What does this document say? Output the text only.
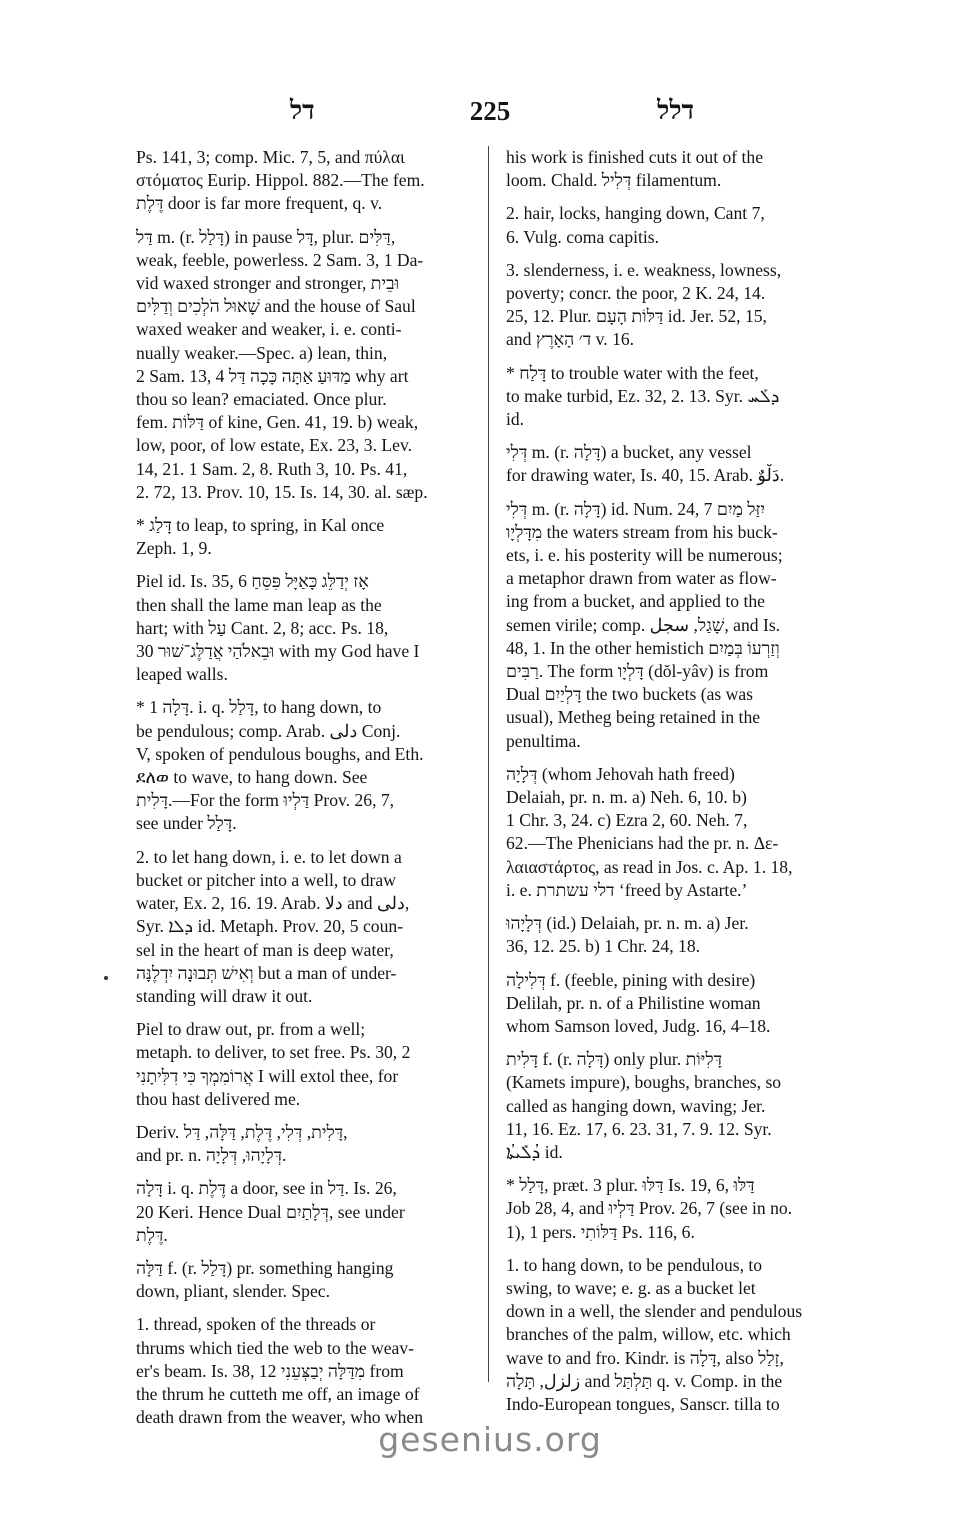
דל	225	דלל
Ps. 141, 3; comp. Mic. 7, 5, and πύλαι
στόματος Eurip. Hippol. 882.—The fem.
דֶּלֶת door is far more frequent, q. v.
דַּל m. (r. דָּלַל) in pause דָּל, plur. דַּלִּים,
weak, feeble, powerless. 2 Sam. 3, 1 Da-
vid waxed stronger and stronger, וּבֵית
שָׁאוּל הֹלְכִים וְדַלִּים and the house of Saul
waxed weaker and weaker, i. e. conti-
nually weaker.—Spec. a) lean, thin,
2 Sam. 13, 4 מַדּוּעַ אַתָּה כָּכָה דַּל why art
thou so lean? emaciated. Once plur.
fem. דַּלּוֹת of kine, Gen. 41, 19. b) weak,
low, poor, of low estate, Ex. 23, 3. Lev.
14, 21. 1 Sam. 2, 8. Ruth 3, 10. Ps. 41,
2. 72, 13. Prov. 10, 15. Is. 14, 30. al. sæp.
* דָּלַג to leap, to spring, in Kal once
Zeph. 1, 9.
Piel id. Is. 35, 6 אָז יְדַלֵּג כָּאַיָּל פִּסֵּחַ
then shall the lame man leap as the
hart; with עַל Cant. 2, 8; acc. Ps. 18,
30 וּבֵאלֹהַי אֲדַלֶּג־שׁוּר with my God have I
leaped walls.
* דָּלָה 1. i. q. דָּלַל, to hang down, to
be pendulous; comp. Arab. دلى Conj.
V, spoken of pendulous boughs, and Eth.
ደለወ to wave, to hang down. See
דָּלִית.—For the form דַּלְיוּ Prov. 26, 7,
see under דָּלַל.
2. to let hang down, i. e. to let down a
bucket or pitcher into a well, to draw
water, Ex. 2, 16. 19. Arab. دلا and دلى,
Syr. ܕܠܐ id. Metaph. Prov. 20, 5 coun-
sel in the heart of man is deep water,
וְאִישׁ תְּבוּנָה יִדְלֶנָּה but a man of under-
standing will draw it out.
Piel to draw out, pr. from a well;
metaph. to deliver, to set free. Ps. 30, 2
אֲרוֹמִמְךָ כִּי דִלִּיתָנִי I will extol thee, for
thou hast delivered me.
Deriv. דָּלִית, דְּלִי, דֶּלֶת, דַּלָּה, דַּל,
and pr. n. דְּלָיָהוּ, דְּלָיָה.
דָּלָה i. q. דֶּלֶת a door, see in דַּל. Is. 26,
20 Keri. Hence Dual דְּלָתַיִם, see under
דֶּלֶת.
דַּלָּה f. (r. דָּלַל) pr. something hanging
down, pliant, slender. Spec.
1. thread, spoken of the threads or
thrums which tied the web to the weav-
er's beam. Is. 38, 12 מִדַּלָּה יְבַצְּעֵנִי from
the thrum he cutteth me off, an image of
death drawn from the weaver, who when
his work is finished cuts it out of the
loom. Chald. דְּלִיל filamentum.
2. hair, locks, hanging down, Cant 7,
6. Vulg. coma capitis.
3. slenderness, i. e. weakness, lowness,
poverty; concr. the poor, 2 K. 24, 14.
25, 12. Plur. דַּלּוֹת הָעָם id. Jer. 52, 15,
and ד׳ הָאָרֶץ v. 16.
* דָּלַח to trouble water with the feet,
to make turbid, Ez. 32, 2. 13. Syr. ܕܠܰܚ
id.
דְּלִי m. (r. דָּלָה) a bucket, any vessel
for drawing water, Is. 40, 15. Arab. دَلْوٌ.
דְּלִי m. (r. דָּלָה) id. Num. 24, 7 יִזַּל מַיִם
מִדָּלְיָו the waters stream from his buck-
ets, i. e. his posterity will be numerous;
a metaphor drawn from water as flow-
ing from a bucket, and applied to the
semen virile; comp. שָׁגַל, سجل, and Is.
48, 1. In the other hemistich וְזַרְעוֹ בְּמַיִם
רַבִּים. The form דָּלְיָו (dŏl-yâv) is from
Dual דָּלְיַיִם the two buckets (as was
usual), Metheg being retained in the
penultima.
דְּלָיָה (whom Jehovah hath freed)
Delaiah, pr. n. m. a) Neh. 6, 10. b)
1 Chr. 3, 24. c) Ezra 2, 60. Neh. 7,
62.—The Phenicians had the pr. n. Δε-
λαιαστάρτος, as read in Jos. c. Ap. 1. 18,
i. e. דלי עשתרת ‘freed by Astarte.’
דְּלָיָהוּ (id.) Delaiah, pr. n. m. a) Jer.
36, 12. 25. b) 1 Chr. 24, 18.
דְּלִילָה f. (feeble, pining with desire)
Delilah, pr. n. of a Philistine woman
whom Samson loved, Judg. 16, 4–18.
דָּלִית f. (r. דָּלָה) only plur. דָּלִיּוֹת
(Kamets impure), boughs, branches, so
called as hanging down, waving; Jer.
11, 16. Ez. 17, 6. 23. 31, 7. 9. 12. Syr.
ܕܳܠܺܝܬܳܐ id.
* דָּלַל, præt. 3 plur. דַּלּוּ Is. 19, 6, דַּלּוּ
Job 28, 4, and דַּלְיוּ Prov. 26, 7 (see in no.
1), 1 pers. דַּלּוֹתִי Ps. 116, 6.
1. to hang down, to be pendulous, to
swing, to wave; e. g. as a bucket let
down in a well, the slender and pendulous
branches of the palm, willow, etc. which
wave to and fro. Kindr. is דָּלָה, also זָלַל,
زلزل, תָּלָה and תַּלְתַּל q. v. Comp. in the
Indo-European tongues, Sanscr. tilla to
gesenius.org
